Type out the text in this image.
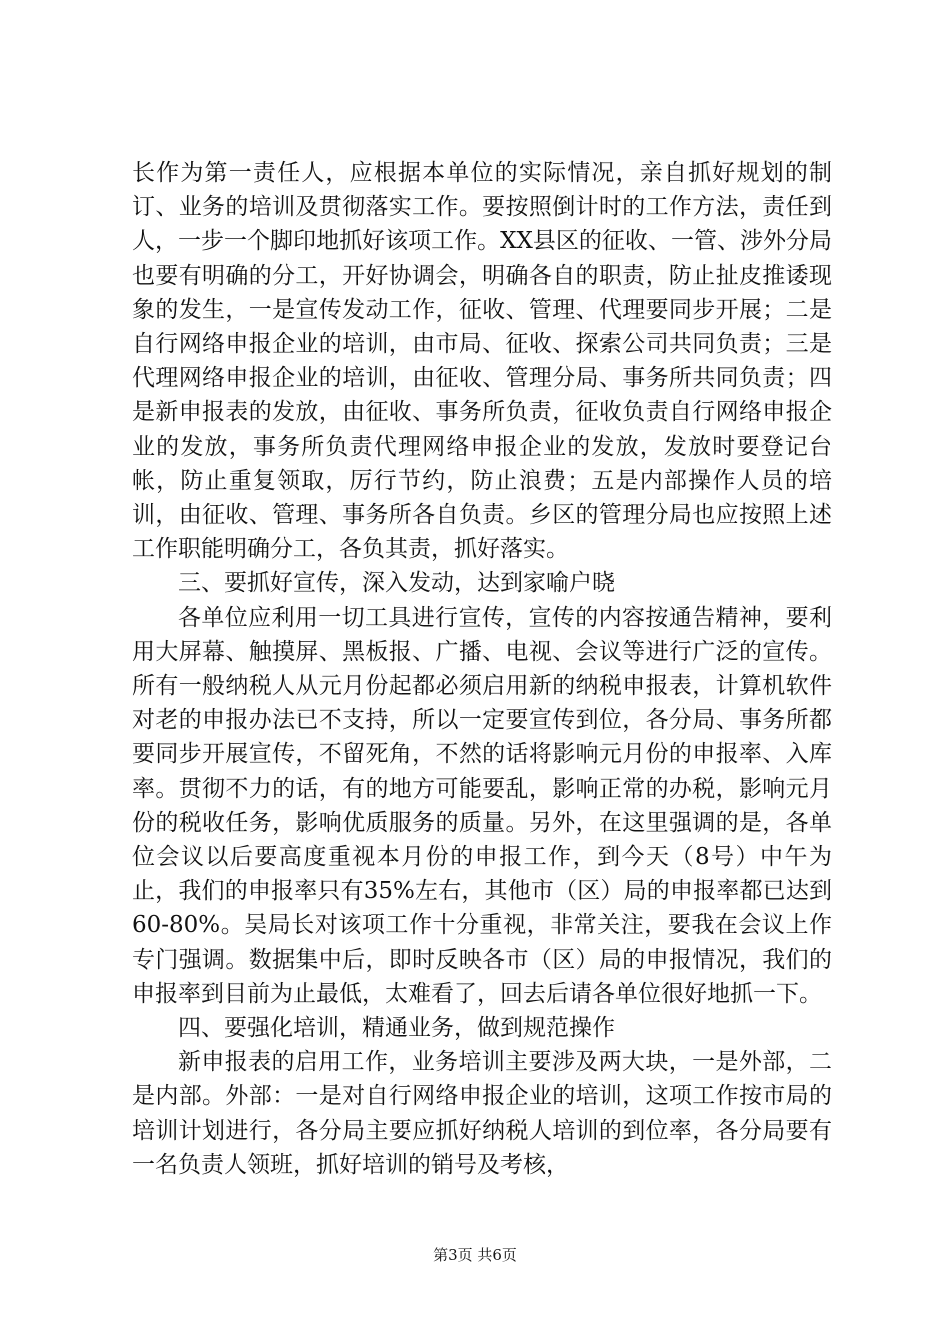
长作为第一责任人，应根据本单位的实际情况，亲自抓好规划的制订、业务的培训及贯彻落实工作。要按照倒计时的工作方法，责任到人，一步一个脚印地抓好该项工作。XX县区的征收、一管、涉外分局也要有明确的分工，开好协调会，明确各自的职责，防止扯皮推诿现象的发生，一是宣传发动工作，征收、管理、代理要同步开展；二是自行网络申报企业的培训，由市局、征收、探索公司共同负责；三是代理网络申报企业的培训，由征收、管理分局、事务所共同负责；四是新申报表的发放，由征收、事务所负责，征收负责自行网络申报企业的发放，事务所负责代理网络申报企业的发放，发放时要登记台帐，防止重复领取，厉行节约，防止浪费；五是内部操作人员的培训，由征收、管理、事务所各自负责。乡区的管理分局也应按照上述工作职能明确分工，各负其责，抓好落实。

三、要抓好宣传，深入发动，达到家喻户晓

各单位应利用一切工具进行宣传，宣传的内容按通告精神，要利用大屏幕、触摸屏、黑板报、广播、电视、会议等进行广泛的宣传。所有一般纳税人从元月份起都必须启用新的纳税申报表，计算机软件对老的申报办法已不支持，所以一定要宣传到位，各分局、事务所都要同步开展宣传，不留死角，不然的话将影响元月份的申报率、入库率。贯彻不力的话，有的地方可能要乱，影响正常的办税，影响元月份的税收任务，影响优质服务的质量。另外，在这里强调的是，各单位会议以后要高度重视本月份的申报工作，到今天（8号）中午为止，我们的申报率只有35%左右，其他市（区）局的申报率都已达到60-80%。吴局长对该项工作十分重视，非常关注，要我在会议上作专门强调。数据集中后，即时反映各市（区）局的申报情况，我们的申报率到目前为止最低，太难看了，回去后请各单位很好地抓一下。

四、要强化培训，精通业务，做到规范操作

新申报表的启用工作，业务培训主要涉及两大块，一是外部，二是内部。外部：一是对自行网络申报企业的培训，这项工作按市局的培训计划进行，各分局主要应抓好纳税人培训的到位率，各分局要有一名负责人领班，抓好培训的销号及考核，

第3页 共6页
